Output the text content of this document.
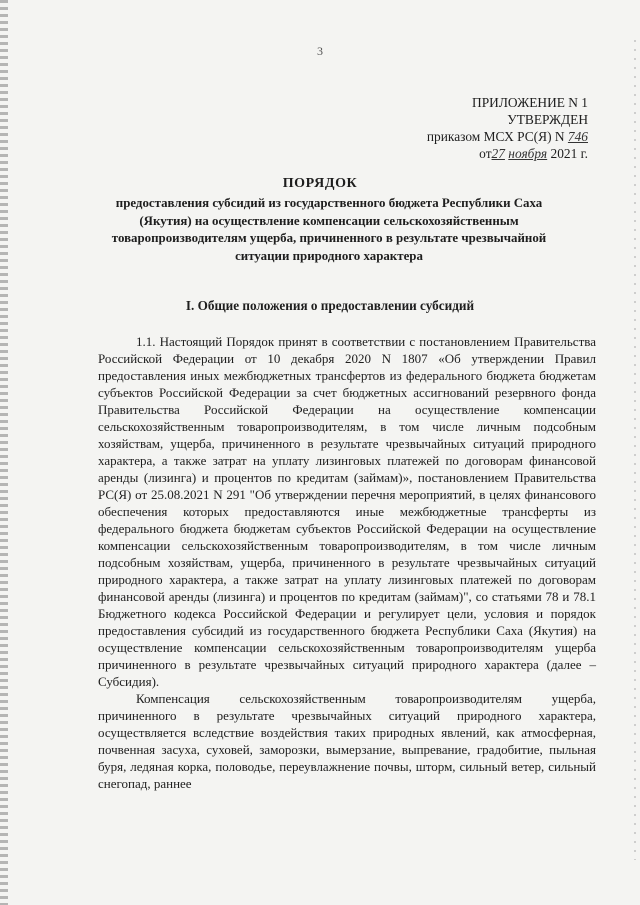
3
ПРИЛОЖЕНИЕ N 1
УТВЕРЖДЕН
приказом МСХ РС(Я) N 746
от27 ноября 2021 г.
ПОРЯДОК
предоставления субсидий из государственного бюджета Республики Саха (Якутия) на осуществление компенсации сельскохозяйственным товаропроизводителям ущерба, причиненного в результате чрезвычайной ситуации природного характера
I. Общие положения о предоставлении субсидий

1.1. Настоящий Порядок принят в соответствии с постановлением Правительства Российской Федерации от 10 декабря 2020 N 1807 «Об утверждении Правил предоставления иных межбюджетных трансфертов из федерального бюджета бюджетам субъектов Российской Федерации за счет бюджетных ассигнований резервного фонда Правительства Российской Федерации на осуществление компенсации сельскохозяйственным товаропроизводителям, в том числе личным подсобным хозяйствам, ущерба, причиненного в результате чрезвычайных ситуаций природного характера, а также затрат на уплату лизинговых платежей по договорам финансовой аренды (лизинга) и процентов по кредитам (займам)», постановлением Правительства РС(Я) от 25.08.2021 N 291 "Об утверждении перечня мероприятий, в целях финансового обеспечения которых предоставляются иные межбюджетные трансферты из федерального бюджета бюджетам субъектов Российской Федерации на осуществление компенсации сельскохозяйственным товаропроизводителям, в том числе личным подсобным хозяйствам, ущерба, причиненного в результате чрезвычайных ситуаций природного характера, а также затрат на уплату лизинговых платежей по договорам финансовой аренды (лизинга) и процентов по кредитам (займам)", со статьями 78 и 78.1 Бюджетного кодекса Российской Федерации и регулирует цели, условия и порядок предоставления субсидий из государственного бюджета Республики Саха (Якутия) на осуществление компенсации сельскохозяйственным товаропроизводителям ущерба причиненного в результате чрезвычайных ситуаций природного характера (далее – Субсидия).

Компенсация сельскохозяйственным товаропроизводителям ущерба, причиненного в результате чрезвычайных ситуаций природного характера, осуществляется вследствие воздействия таких природных явлений, как атмосферная, почвенная засуха, суховей, заморозки, вымерзание, выпревание, градобитие, пыльная буря, ледяная корка, половодье, переувлажнение почвы, шторм, сильный ветер, сильный снегопад, раннее
